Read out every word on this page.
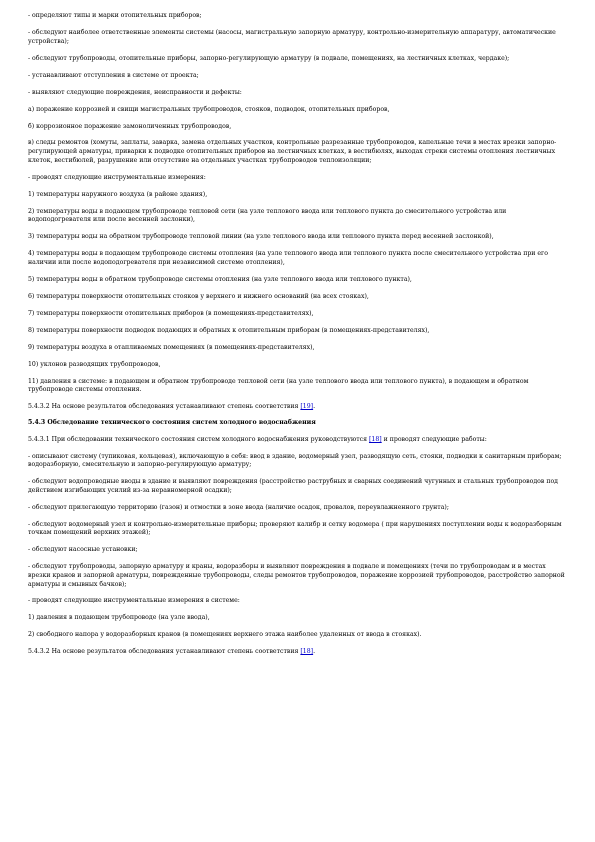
- определяют типы и марки отопительных приборов;

- обследуют наиболее ответственные элементы системы (насосы, магистральную запорную арматуру, контрольно-измерительную аппаратуру, автоматические устройства);

- обследуют трубопроводы, отопительные приборы, запорно-регулирующую арматуру (в подвале, помещениях, на лестничных клетках, чердаке);

- устанавливают отступления в системе от проекта;

- выявляют следующие повреждения, неисправности и дефекты:

а) поражение коррозией и свищи магистральных трубопроводов, стояков, подводок, отопительных приборов,

б) коррозионное поражение замоноличенных трубопроводов,

в) следы ремонтов (хомуты, заплаты, заварка, замена отдельных участков, контрольные разрезанные трубопроводов, капельные течи в местах врезки запорно-регулирующей арматуры, приварки к подводке отопительных приборов на лестничных клетках, в вестибюлях, выходах стреки системы отопления лестничных клеток, вестибюлей, разрушение или отсутствие на отдельных участках трубопроводов теплоизоляции;

- проводят следующие инструментальные измерения:

1) температуры наружного воздуха (в районе здания),

2) температуры воды в подающем трубопроводе тепловой сети (на узле теплового ввода или теплового пункта до смесительного устройства или водоподогревателя или после весенней заслонки),

3) температуры воды на обратном трубопроводе тепловой линии (на узле теплового ввода или теплового пункта перед весенней заслонкой),

4) температуры воды в подающем трубопроводе системы отопления (на узле теплового ввода или теплового пункта после смесительного устройства при его наличии или после водоподогревателя при независимой системе отопления),

5) температуры воды в обратном трубопроводе системы отопления (на узле теплового ввода или теплового пункта),

6) температуры поверхности отопительных стояков у верхнего и нижнего оснований (на всех стояках),

7) температуры поверхности отопительных приборов (в помещениях-представителях),

8) температуры поверхности подводок подающих и обратных к отопительным приборам (в помещениях-представителях),

9) температуры воздуха в отапливаемых помещениях (в помещениях-представителях),

10) уклонов разводящих трубопроводов,

11) давления в системе: в подающем и обратном трубопроводе тепловой сети (на узле теплового ввода или теплового пункта), в подающем и обратном трубопроводе системы отопления.

5.4.3.2 На основе результатов обследования устанавливают степень соответствия [19].

5.4.3 Обследование технического состояния систем холодного водоснабжения

5.4.3.1 При обследовании технического состояния систем холодного водоснабжения руководствуются [18] и проводят следующие работы:

- описывают систему (тупиковая, кольцевая), включающую в себя: ввод в здание, водомерный узел, разводящую сеть, стояки, подводки к санитарным приборам; водоразборную, смесительную и запорно-регулирующую арматуру;

- обследуют водопроводные вводы в здание и выявляют повреждения (расстройство раструбных и сварных соединений чугунных и стальных трубопроводов под действием изгибающих усилий из-за неравномерной осадки);

- обследуют прилегающую территорию (газон) и отмостки в зоне ввода (наличие осадок, провалов, переувлажненного грунта);

- обследуют водомерный узел и контрольно-измерительные приборы; проверяют калибр и сетку водомера ( при нарушениях поступлении воды к водоразборным точкам помещений верхних этажей);

- обследуют насосные установки;

- обследуют трубопроводы, запорную арматуру и краны, водоразборы и выявляют повреждения в подвале и помещениях (течи по трубопроводам и в местах врезки кранов и запорной арматуры, поврежденные трубопроводы, следы ремонтов трубопроводов, поражение коррозией трубопроводов, расстройство запорной арматуры и смывных бачков);

- проводят следующие инструментальные измерения в системе:

1) давления в подающем трубопроводе (на узле ввода),

2) свободного напора у водоразборных кранов (в помещениях верхнего этажа наиболее удаленных от ввода в стояках).

5.4.3.2 На основе результатов обследования устанавливают степень соответствия [18].
